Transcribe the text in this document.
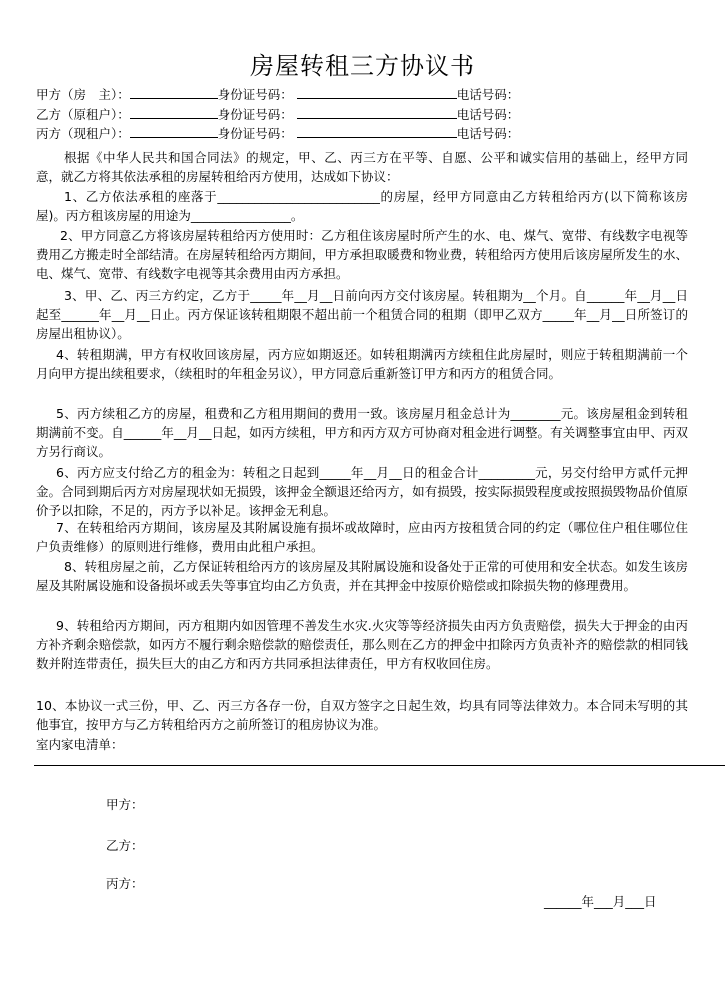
房屋转租三方协议书
甲方（房　主）：	身份证号码：	电话号码：
乙方（原租户）：	身份证号码：	电话号码：
丙方（现租户）：	身份证号码：	电话号码：
根据《中华人民共和国合同法》的规定，甲、乙、丙三方在平等、自愿、公平和诚实信用的基础上，经甲方同意，就乙方将其依法承租的房屋转租给丙方使用，达成如下协议：
1、乙方依法承租的座落于__________________________的房屋，经甲方同意由乙方转租给丙方(以下简称该房屋)。丙方租该房屋的用途为________________。
2、甲方同意乙方将该房屋转租给丙方使用时：乙方租住该房屋时所产生的水、电、煤气、宽带、有线数字电视等费用乙方搬走时全部结清。在房屋转租给丙方期间，甲方承担取暖费和物业费，转租给丙方使用后该房屋所发生的水、电、煤气、宽带、有线数字电视等其余费用由丙方承担。
3、甲、乙、丙三方约定，乙方于_____年__月__日前向丙方交付该房屋。转租期为__个月。自______年__月__日起至______年__月__日止。丙方保证该转租期限不超出前一个租赁合同的租期（即甲乙双方_____年__月__日所签订的房屋出租协议）。
4、转租期满，甲方有权收回该房屋，丙方应如期返还。如转租期满丙方续租住此房屋时，则应于转租期满前一个月向甲方提出续租要求，（续租时的年租金另议），甲方同意后重新签订甲方和丙方的租赁合同。
5、丙方续租乙方的房屋，租费和乙方租用期间的费用一致。该房屋月租金总计为________元。该房屋租金到转租期满前不变。自______年__月__日起，如丙方续租，甲方和丙方双方可协商对租金进行调整。有关调整事宜由甲、丙双方另行商议。
6、丙方应支付给乙方的租金为：转租之日起到_____年__月__日的租金合计_________元，另交付给甲方贰仟元押金。合同到期后丙方对房屋现状如无损毁，该押金全额退还给丙方，如有损毁，按实际损毁程度或按照损毁物品价值原价予以扣除，不足的，丙方予以补足。该押金无利息。
7、在转租给丙方期间，该房屋及其附属设施有损坏或故障时，应由丙方按租赁合同的约定（哪位住户租住哪位住户负责维修）的原则进行维修，费用由此租户承担。
8、转租房屋之前，乙方保证转租给丙方的该房屋及其附属设施和设备处于正常的可使用和安全状态。如发生该房屋及其附属设施和设备损坏或丢失等事宜均由乙方负责，并在其押金中按原价赔偿或扣除损失物的修理费用。
9、转租给丙方期间，丙方租期内如因管理不善发生水灾.火灾等等经济损失由丙方负责赔偿，损失大于押金的由丙方补齐剩余赔偿款，如丙方不履行剩余赔偿款的赔偿责任，那么则在乙方的押金中扣除丙方负责补齐的赔偿款的相同钱数并附连带责任，损失巨大的由乙方和丙方共同承担法律责任，甲方有权收回住房。
10、本协议一式三份，甲、乙、丙三方各存一份，自双方签字之日起生效，均具有同等法律效力。本合同未写明的其他事宜，按甲方与乙方转租给丙方之前所签订的租房协议为准。
室内家电清单：
甲方：
乙方：
丙方：
______年___月___日
